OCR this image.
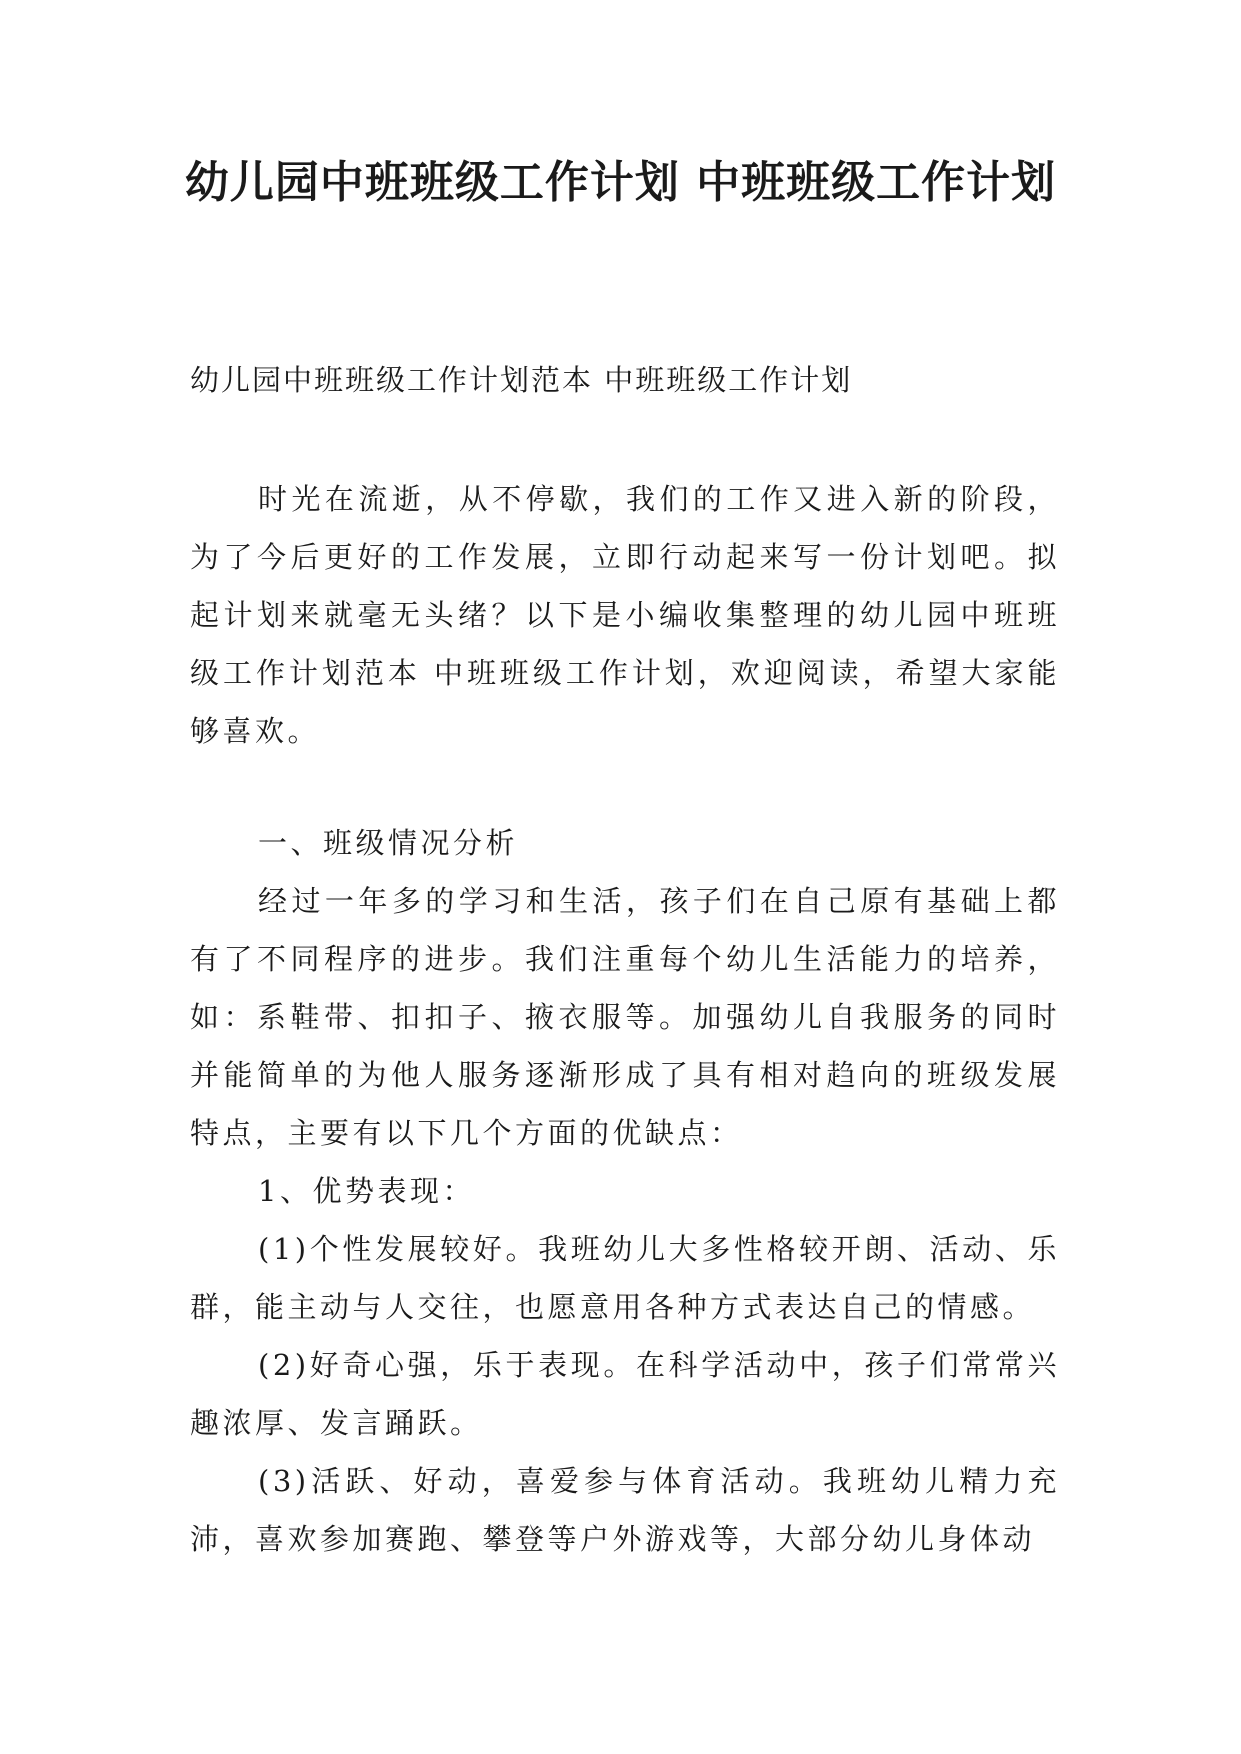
幼儿园中班班级工作计划 中班班级工作计划

幼儿园中班班级工作计划范本 中班班级工作计划

时光在流逝，从不停歇，我们的工作又进入新的阶段，为了今后更好的工作发展，立即行动起来写一份计划吧。拟起计划来就毫无头绪？以下是小编收集整理的幼儿园中班班级工作计划范本 中班班级工作计划，欢迎阅读，希望大家能够喜欢。

一、班级情况分析

经过一年多的学习和生活，孩子们在自己原有基础上都有了不同程序的进步。我们注重每个幼儿生活能力的培养，如：系鞋带、扣扣子、掖衣服等。加强幼儿自我服务的同时并能简单的为他人服务逐渐形成了具有相对趋向的班级发展特点，主要有以下几个方面的优缺点：

1、优势表现：

(1)个性发展较好。我班幼儿大多性格较开朗、活动、乐群，能主动与人交往，也愿意用各种方式表达自己的情感。

(2)好奇心强，乐于表现。在科学活动中，孩子们常常兴趣浓厚、发言踊跃。

(3)活跃、好动，喜爱参与体育活动。我班幼儿精力充沛，喜欢参加赛跑、攀登等户外游戏等，大部分幼儿身体动
